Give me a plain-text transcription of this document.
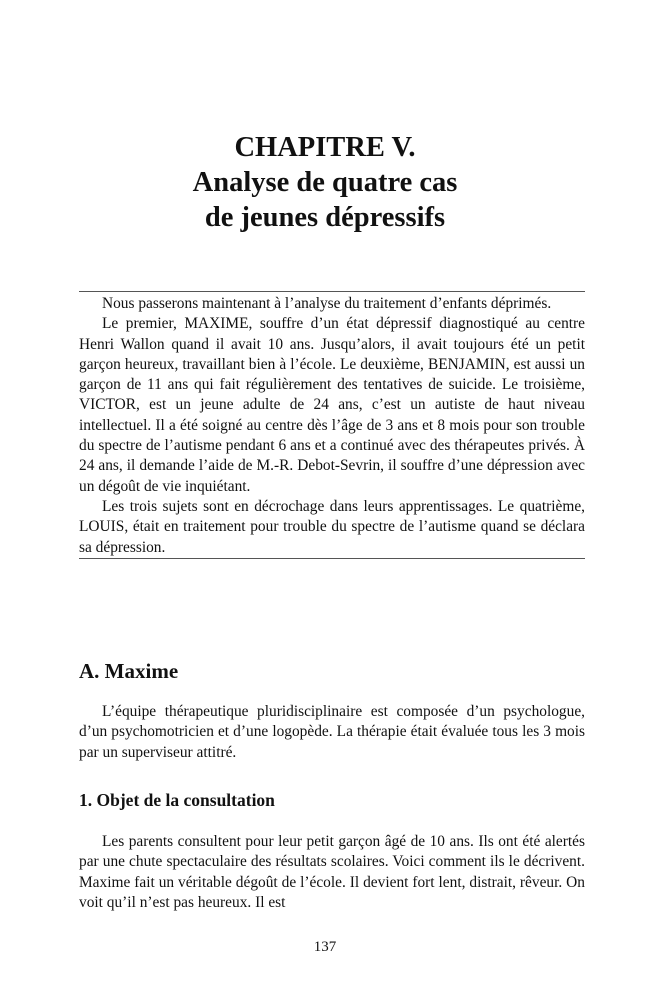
CHAPITRE V.
Analyse de quatre cas
de jeunes dépressifs

Nous passerons maintenant à l’analyse du traitement d’enfants déprimés.

Le premier, MAXIME, souffre d’un état dépressif diagnostiqué au centre Henri Wallon quand il avait 10 ans. Jusqu’alors, il avait toujours été un petit garçon heureux, travaillant bien à l’école. Le deuxième, BENJAMIN, est aussi un garçon de 11 ans qui fait régulièrement des tentatives de suicide. Le troisième, VICTOR, est un jeune adulte de 24 ans, c’est un autiste de haut niveau intellectuel. Il a été soigné au centre dès l’âge de 3 ans et 8 mois pour son trouble du spectre de l’autisme pendant 6 ans et a continué avec des thérapeutes privés. À 24 ans, il demande l’aide de M.-R. Debot-Sevrin, il souffre d’une dépression avec un dégoût de vie inquiétant.

Les trois sujets sont en décrochage dans leurs apprentissages. Le quatrième, LOUIS, était en traitement pour trouble du spectre de l’autisme quand se déclara sa dépression.

A. Maxime

L’équipe thérapeutique pluridisciplinaire est composée d’un psychologue, d’un psychomotricien et d’une logopède. La thérapie était évaluée tous les 3 mois par un superviseur attitré.

1. Objet de la consultation

Les parents consultent pour leur petit garçon âgé de 10 ans. Ils ont été alertés par une chute spectaculaire des résultats scolaires. Voici comment ils le décrivent. Maxime fait un véritable dégoût de l’école. Il devient fort lent, distrait, rêveur. On voit qu’il n’est pas heureux. Il est

137
